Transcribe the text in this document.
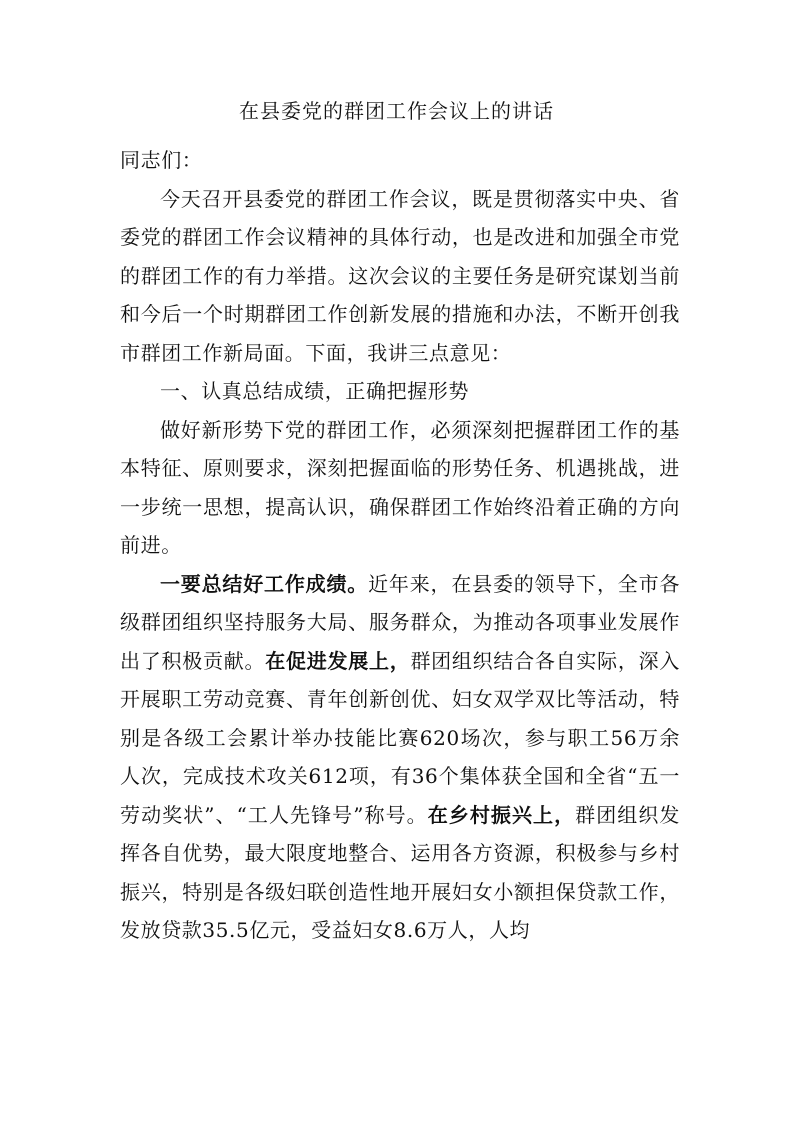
在县委党的群团工作会议上的讲话

同志们：

今天召开县委党的群团工作会议，既是贯彻落实中央、省委党的群团工作会议精神的具体行动，也是改进和加强全市党的群团工作的有力举措。这次会议的主要任务是研究谋划当前和今后一个时期群团工作创新发展的措施和办法，不断开创我市群团工作新局面。下面，我讲三点意见：

一、认真总结成绩，正确把握形势

做好新形势下党的群团工作，必须深刻把握群团工作的基本特征、原则要求，深刻把握面临的形势任务、机遇挑战，进一步统一思想，提高认识，确保群团工作始终沿着正确的方向前进。

一要总结好工作成绩。近年来，在县委的领导下，全市各级群团组织坚持服务大局、服务群众，为推动各项事业发展作出了积极贡献。在促进发展上，群团组织结合各自实际，深入开展职工劳动竞赛、青年创新创优、妇女双学双比等活动，特别是各级工会累计举办技能比赛620场次，参与职工56万余人次，完成技术攻关612项，有36个集体获全国和全省“五一劳动奖状”、“工人先锋号”称号。在乡村振兴上，群团组织发挥各自优势，最大限度地整合、运用各方资源，积极参与乡村振兴，特别是各级妇联创造性地开展妇女小额担保贷款工作，发放贷款35.5亿元，受益妇女8.6万人，人均
